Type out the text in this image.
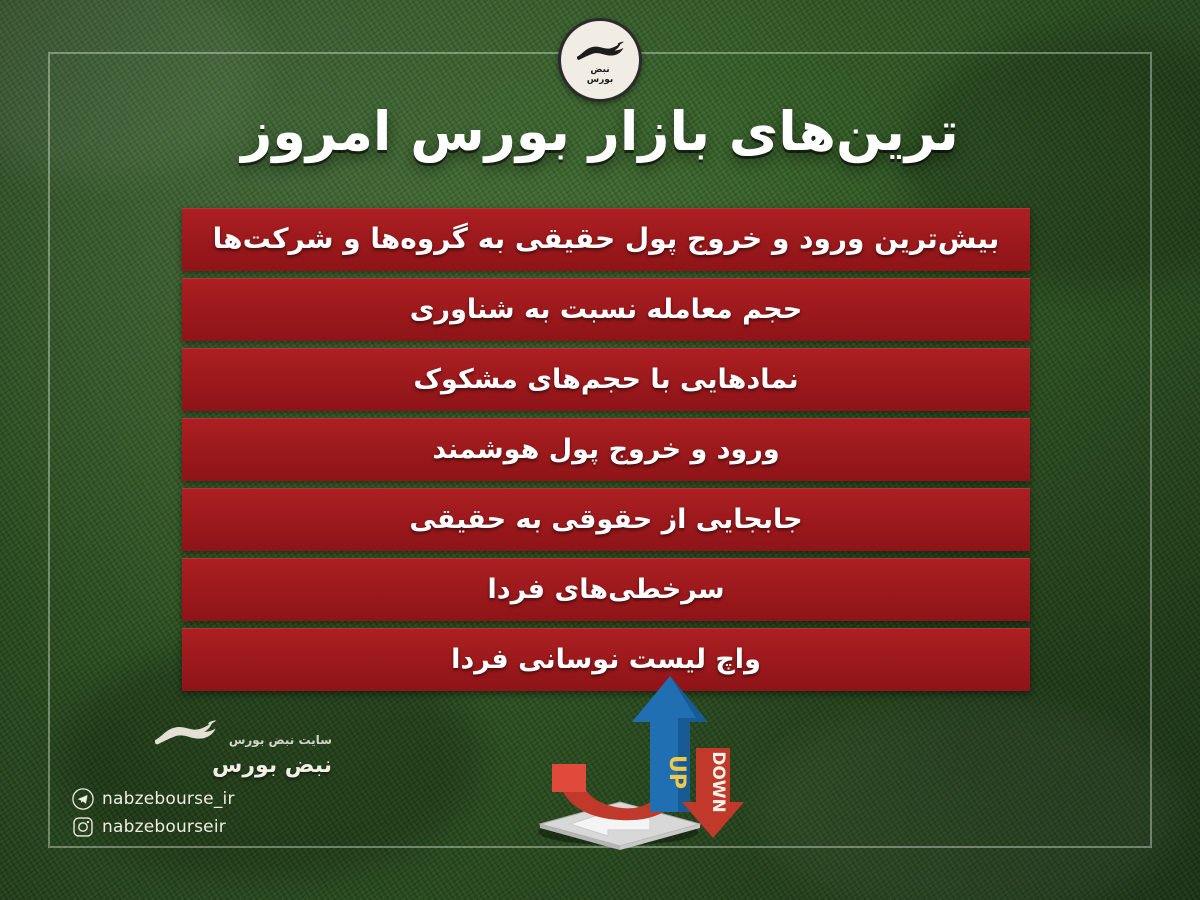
نبض
بورس
ترین‌های بازار بورس امروز
بیش‌ترین ورود و خروج پول حقیقی به گروه‌ها و شرکت‌ها
حجم معامله نسبت به شناوری
نمادهایی با حجم‌های مشکوک
ورود و خروج پول هوشمند
جابجایی از حقوقی به حقیقی
سرخطی‌های فردا
واچ لیست نوسانی فردا
سایت نبض بورس
نبض بورس
nabzebourse_ir
nabzebourseir
UP DOWN
